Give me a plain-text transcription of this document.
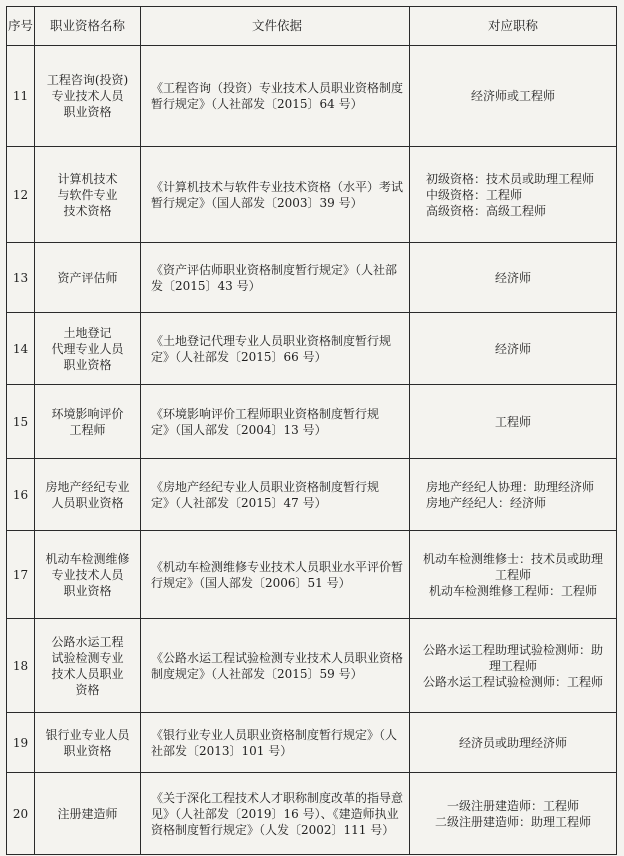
序号	职业资格名称	文件依据	对应职称
11	工程咨询(投资)
专业技术人员
职业资格	《工程咨询（投资）专业技术人员职业资格制度暂行规定》（人社部发〔2015〕64 号）	经济师或工程师

12	计算机技术
与软件专业
技术资格	《计算机技术与软件专业技术资格（水平）考试暂行规定》（国人部发〔2003〕39 号）	初级资格：技术员或助理工程师
中级资格：工程师
高级资格：高级工程师

13	资产评估师	《资产评估师职业资格制度暂行规定》（人社部发〔2015〕43 号）	经济师

14	土地登记
代理专业人员
职业资格	《土地登记代理专业人员职业资格制度暂行规定》（人社部发〔2015〕66 号）	经济师

15	环境影响评价
工程师	《环境影响评价工程师职业资格制度暂行规定》（国人部发〔2004〕13 号）	工程师

16	房地产经纪专业
人员职业资格	《房地产经纪专业人员职业资格制度暂行规定》（人社部发〔2015〕47 号）	房地产经纪人协理：助理经济师
房地产经纪人：经济师

17	机动车检测维修
专业技术人员
职业资格	《机动车检测维修专业技术人员职业水平评价暂行规定》（国人部发〔2006〕51 号）	机动车检测维修士：技术员或助理
工程师
机动车检测维修工程师：工程师

18	公路水运工程
试验检测专业
技术人员职业
资格	《公路水运工程试验检测专业技术人员职业资格制度规定》（人社部发〔2015〕59 号）	公路水运工程助理试验检测师：助
理工程师
公路水运工程试验检测师：工程师

19	银行业专业人员
职业资格	《银行业专业人员职业资格制度暂行规定》（人社部发〔2013〕101 号）	经济员或助理经济师

20	注册建造师	《关于深化工程技术人才职称制度改革的指导意见》（人社部发〔2019〕16 号）、《建造师执业资格制度暂行规定》（人发〔2002〕111 号）	一级注册建造师：工程师
二级注册建造师：助理工程师
